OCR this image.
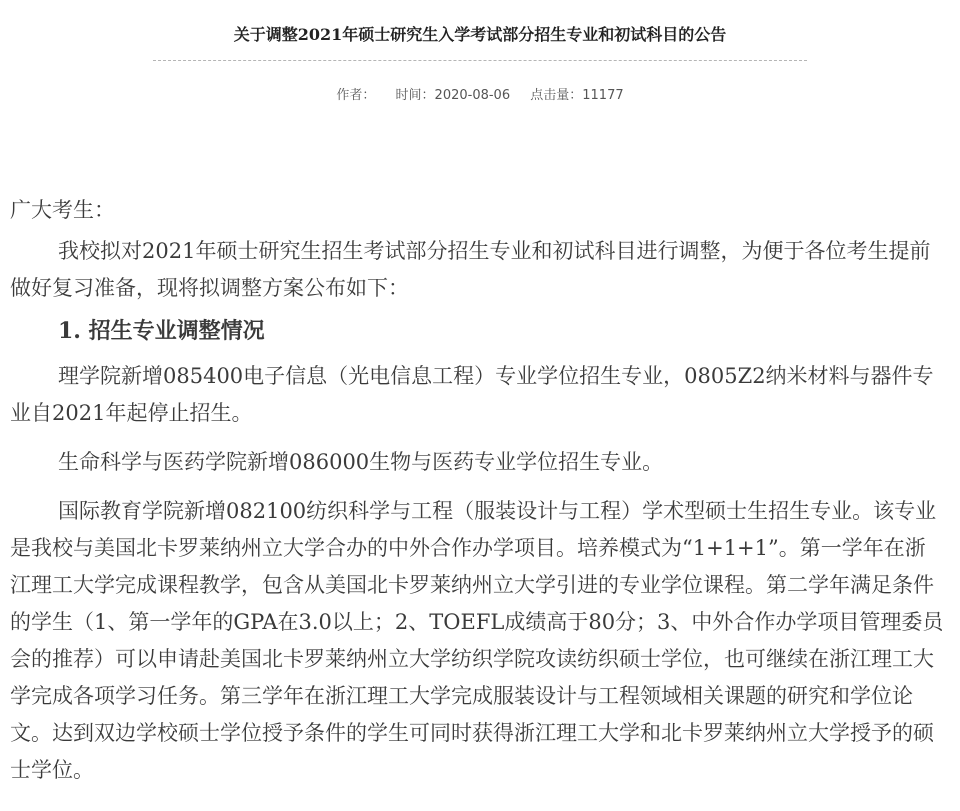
关于调整2021年硕士研究生入学考试部分招生专业和初试科目的公告
作者： 时间：2020-08-06 点击量：11177

广大考生：

我校拟对2021年硕士研究生招生考试部分招生专业和初试科目进行调整，为便于各位考生提前做好复习准备，现将拟调整方案公布如下：

1. 招生专业调整情况

理学院新增085400电子信息（光电信息工程）专业学位招生专业，0805Z2纳米材料与器件专业自2021年起停止招生。

生命科学与医药学院新增086000生物与医药专业学位招生专业。

国际教育学院新增082100纺织科学与工程（服装设计与工程）学术型硕士生招生专业。该专业是我校与美国北卡罗莱纳州立大学合办的中外合作办学项目。培养模式为“1+1+1”。第一学年在浙江理工大学完成课程教学，包含从美国北卡罗莱纳州立大学引进的专业学位课程。第二学年满足条件的学生（1、第一学年的GPA在3.0以上；2、TOEFL成绩高于80分；3、中外合作办学项目管理委员会的推荐）可以申请赴美国北卡罗莱纳州立大学纺织学院攻读纺织硕士学位，也可继续在浙江理工大学完成各项学习任务。第三学年在浙江理工大学完成服装设计与工程领域相关课题的研究和学位论文。达到双边学校硕士学位授予条件的学生可同时获得浙江理工大学和北卡罗莱纳州立大学授予的硕士学位。
